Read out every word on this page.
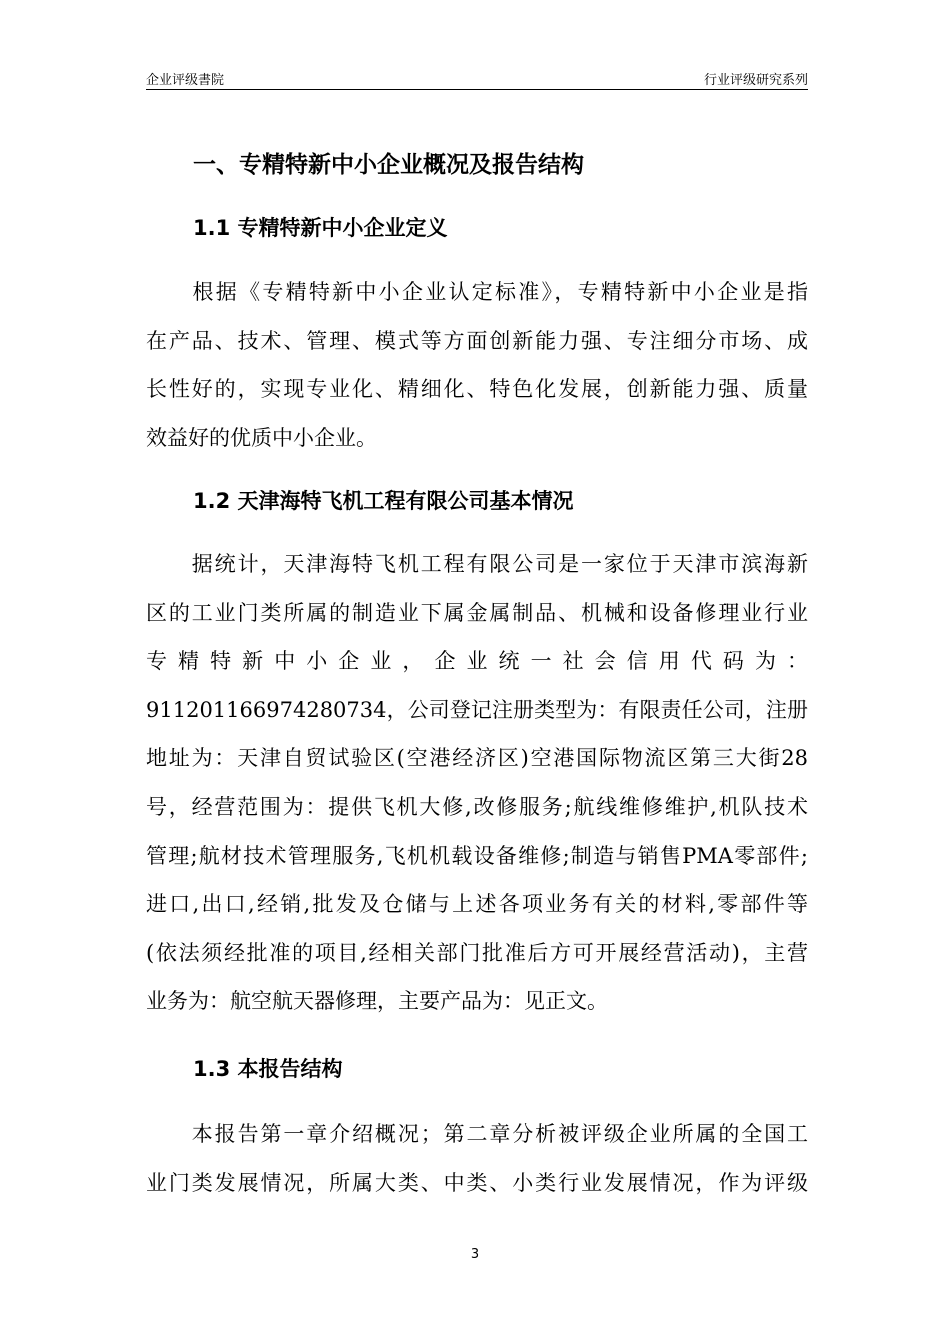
企业评级書院	行业评级研究系列
一、专精特新中小企业概况及报告结构
1.1 专精特新中小企业定义
　　根据《专精特新中小企业认定标准》，专精特新中小企业是指
在产品、技术、管理、模式等方面创新能力强、专注细分市场、成
长性好的，实现专业化、精细化、特色化发展，创新能力强、质量
效益好的优质中小企业。
1.2 天津海特飞机工程有限公司基本情况
　　据统计，天津海特飞机工程有限公司是一家位于天津市滨海新
区的工业门类所属的制造业下属金属制品、机械和设备修理业行业
专 精 特 新 中 小 企 业 ， 企 业 统 一 社 会 信 用 代 码 为 ：
911201166974280734，公司登记注册类型为：有限责任公司，注册
地址为：天津自贸试验区(空港经济区)空港国际物流区第三大街28
号，经营范围为：提供飞机大修,改修服务;航线维修维护,机队技术
管理;航材技术管理服务,飞机机载设备维修;制造与销售PMA零部件;
进口,出口,经销,批发及仓储与上述各项业务有关的材料,零部件等
(依法须经批准的项目,经相关部门批准后方可开展经营活动)，主营
业务为：航空航天器修理，主要产品为：见正文。
1.3 本报告结构
　　本报告第一章介绍概况；第二章分析被评级企业所属的全国工
业门类发展情况，所属大类、中类、小类行业发展情况，作为评级
3
